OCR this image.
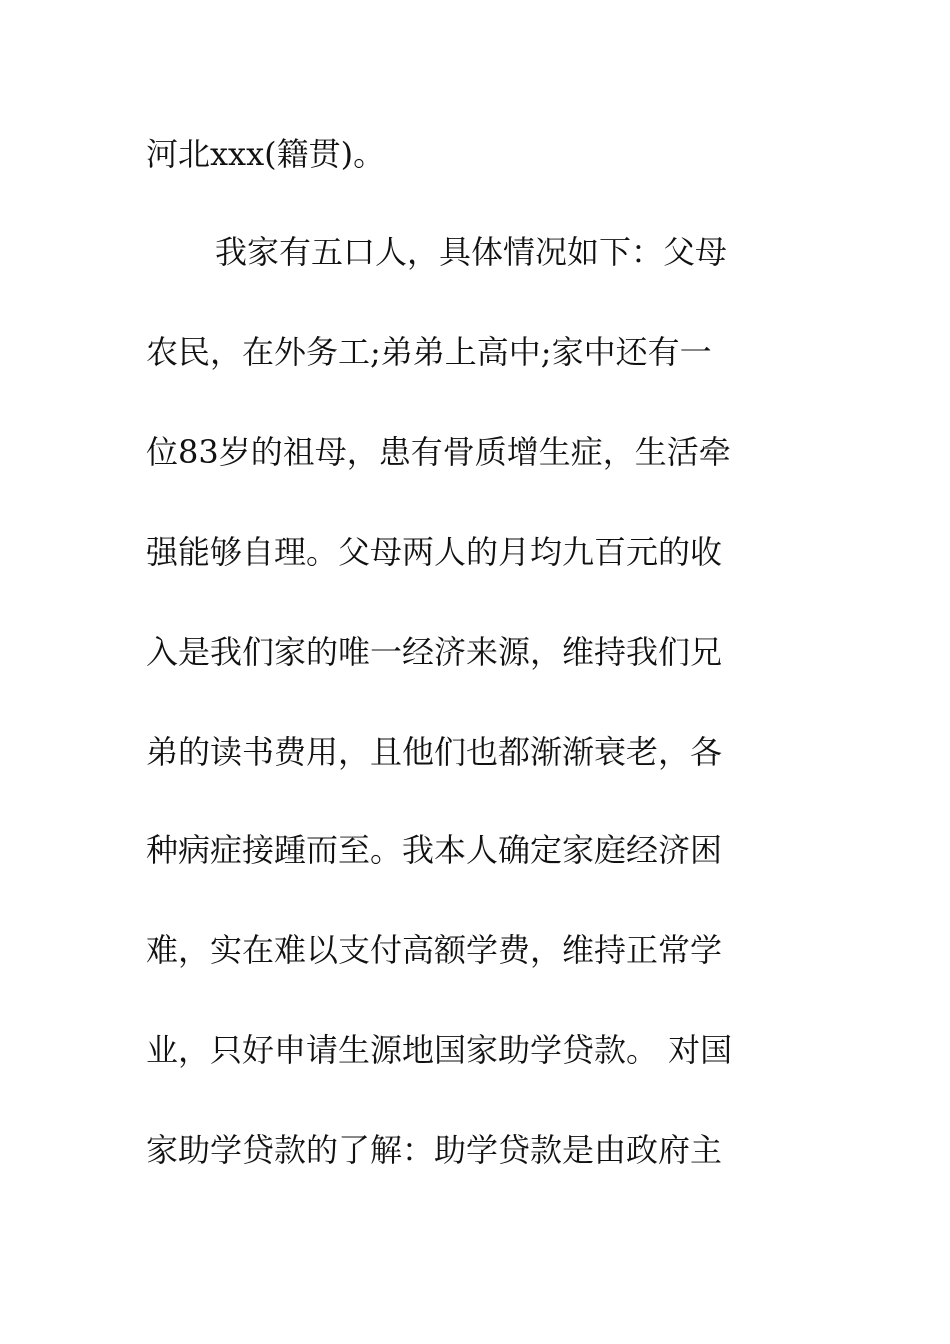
河北xxx(籍贯)。
我家有五口人，具体情况如下：父母
农民，在外务工;弟弟上高中;家中还有一
位83岁的祖母，患有骨质增生症，生活牵
强能够自理。父母两人的月均九百元的收
入是我们家的唯一经济来源，维持我们兄
弟的读书费用，且他们也都渐渐衰老，各
种病症接踵而至。我本人确定家庭经济困
难，实在难以支付高额学费，维持正常学
业，只好申请生源地国家助学贷款。 对国
家助学贷款的了解：助学贷款是由政府主
